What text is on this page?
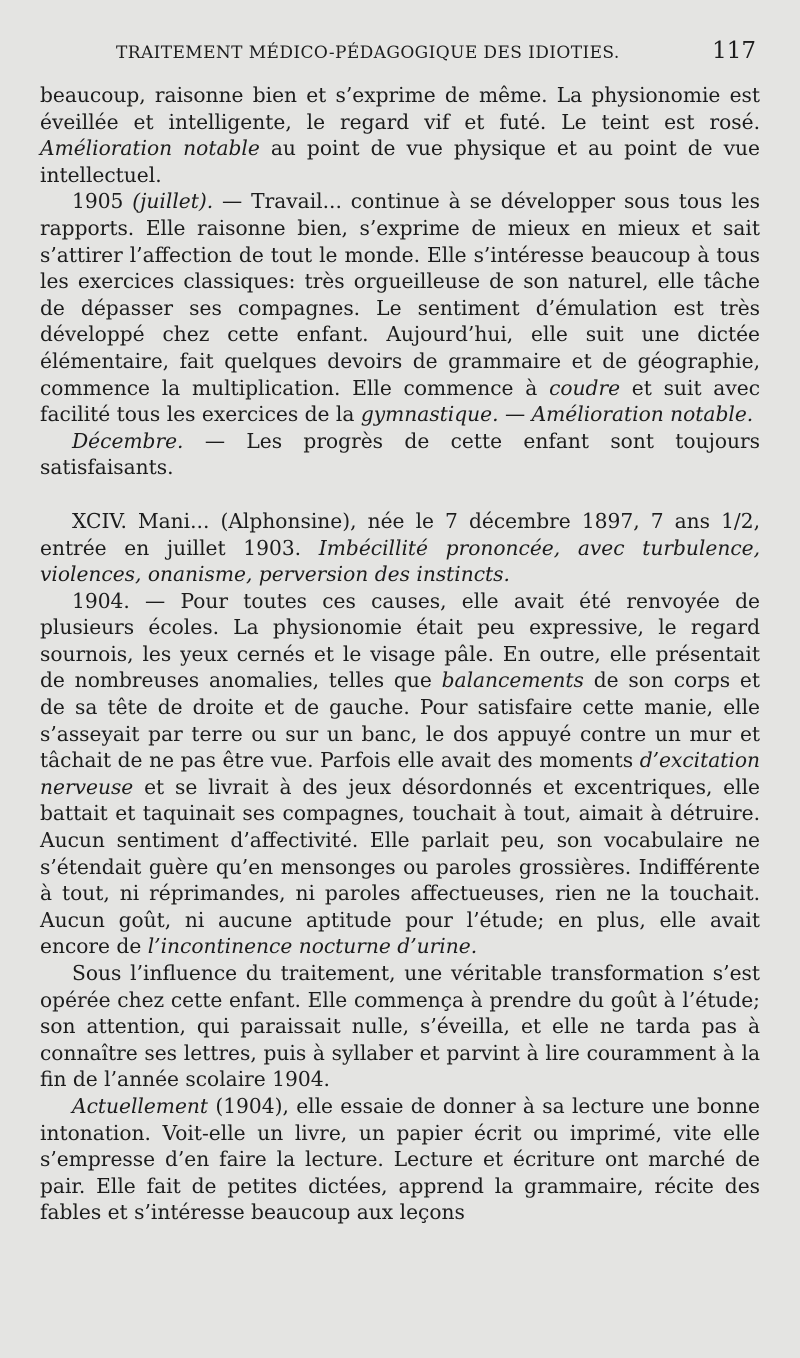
TRAITEMENT MÉDICO-PÉDAGOGIQUE DES IDIOTIES.	117

beaucoup, raisonne bien et s’exprime de même. La physionomie est éveillée et intelligente, le regard vif et futé. Le teint est rosé. Amélioration notable au point de vue physique et au point de vue intellectuel.

1905 (juillet). — Travail... continue à se développer sous tous les rapports. Elle raisonne bien, s’exprime de mieux en mieux et sait s’attirer l’affection de tout le monde. Elle s’intéresse beaucoup à tous les exercices classiques: très orgueilleuse de son naturel, elle tâche de dépasser ses compagnes. Le sentiment d’émulation est très développé chez cette enfant. Aujourd’hui, elle suit une dictée élémentaire, fait quelques devoirs de grammaire et de géographie, commence la multiplication. Elle commence à coudre et suit avec facilité tous les exercices de la gymnastique. — Amélioration notable.

Décembre. — Les progrès de cette enfant sont toujours satisfaisants.

XCIV. Mani... (Alphonsine), née le 7 décembre 1897, 7 ans 1/2, entrée en juillet 1903. Imbécillité prononcée, avec turbulence, violences, onanisme, perversion des instincts.

1904. — Pour toutes ces causes, elle avait été renvoyée de plusieurs écoles. La physionomie était peu expressive, le regard sournois, les yeux cernés et le visage pâle. En outre, elle présentait de nombreuses anomalies, telles que balancements de son corps et de sa tête de droite et de gauche. Pour satisfaire cette manie, elle s’asseyait par terre ou sur un banc, le dos appuyé contre un mur et tâchait de ne pas être vue. Parfois elle avait des moments d’excitation nerveuse et se livrait à des jeux désordonnés et excentriques, elle battait et taquinait ses compagnes, touchait à tout, aimait à détruire. Aucun sentiment d’affectivité. Elle parlait peu, son vocabulaire ne s’étendait guère qu’en mensonges ou paroles grossières. Indifférente à tout, ni réprimandes, ni paroles affectueuses, rien ne la touchait. Aucun goût, ni aucune aptitude pour l’étude; en plus, elle avait encore de l’incontinence nocturne d’urine.

Sous l’influence du traitement, une véritable transformation s’est opérée chez cette enfant. Elle commença à prendre du goût à l’étude; son attention, qui paraissait nulle, s’éveilla, et elle ne tarda pas à connaître ses lettres, puis à syllaber et parvint à lire couramment à la fin de l’année scolaire 1904.

Actuellement (1904), elle essaie de donner à sa lecture une bonne intonation. Voit-elle un livre, un papier écrit ou imprimé, vite elle s’empresse d’en faire la lecture. Lecture et écriture ont marché de pair. Elle fait de petites dictées, apprend la grammaire, récite des fables et s’intéresse beaucoup aux leçons
